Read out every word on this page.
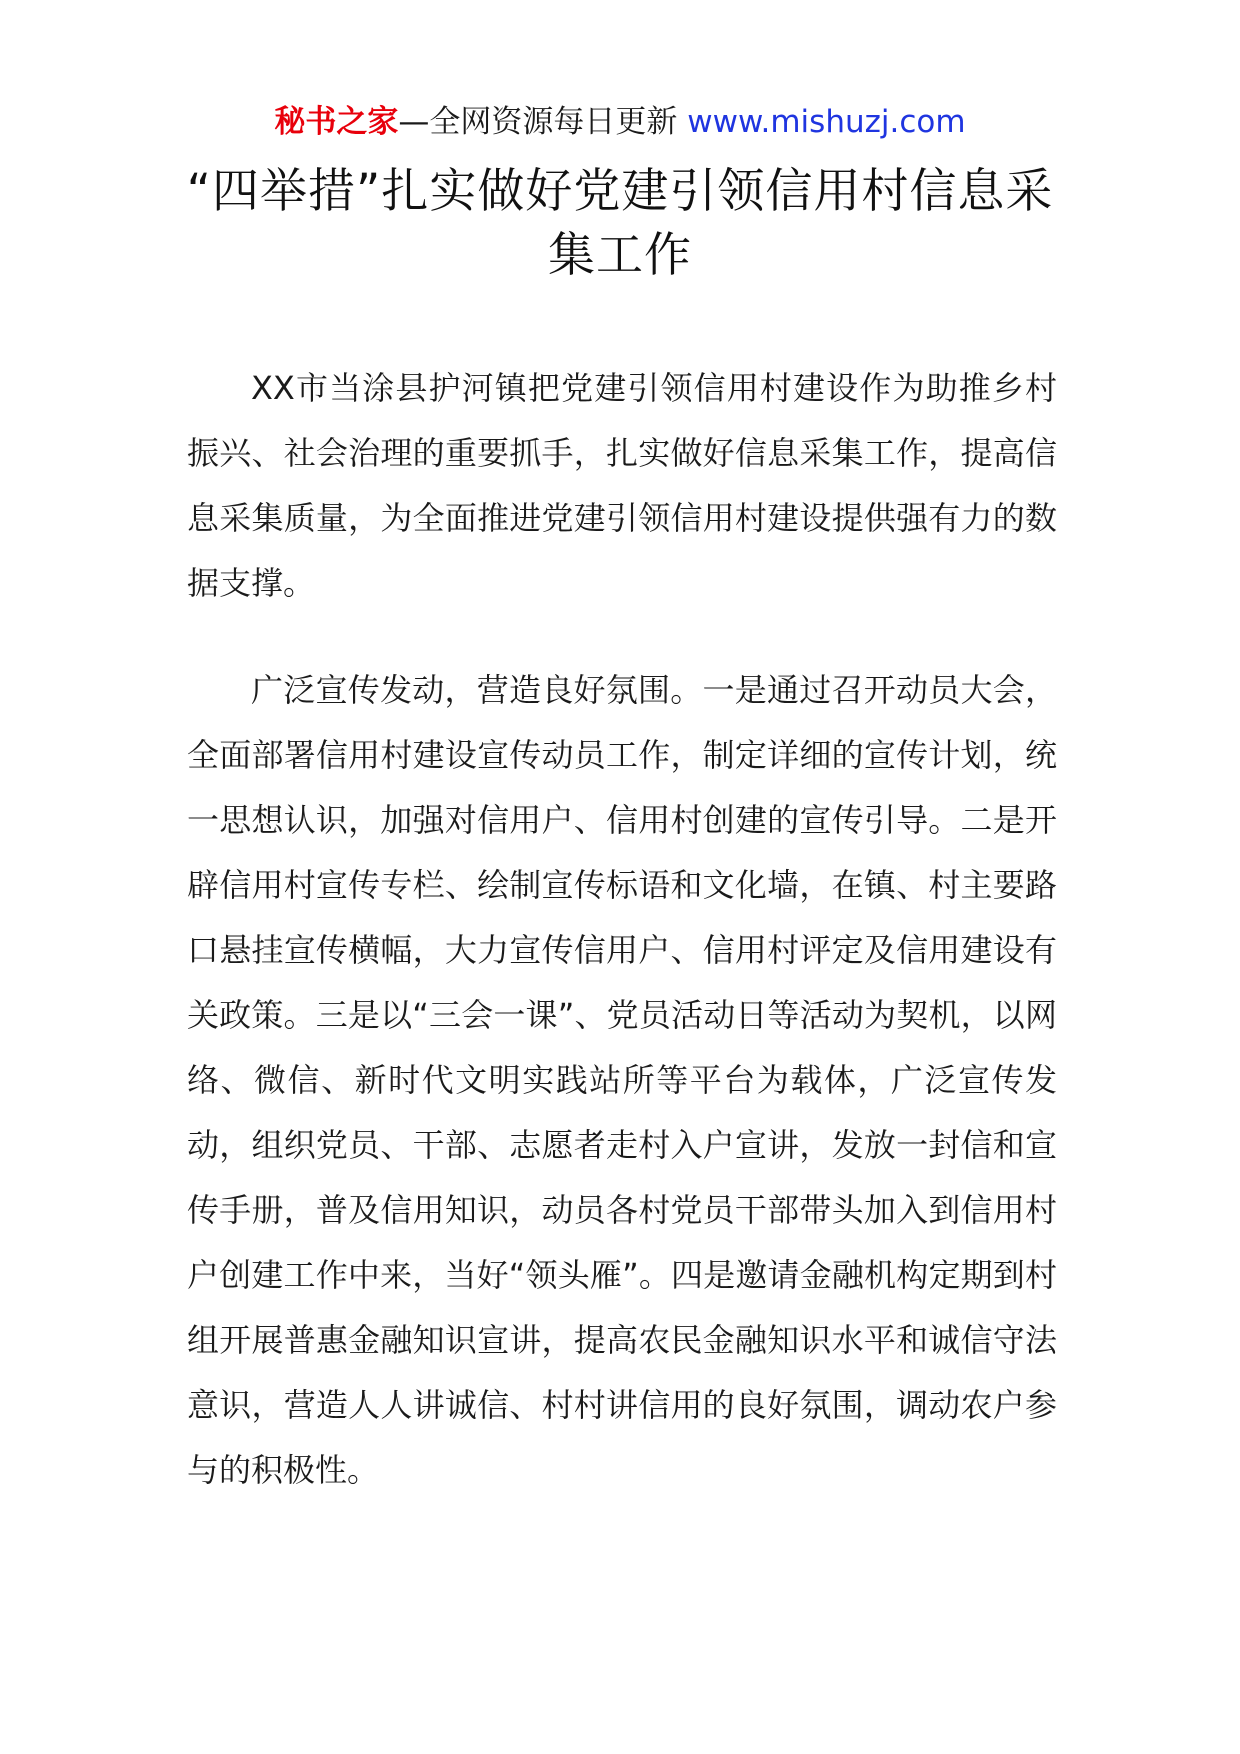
秘书之家—全网资源每日更新 www.mishuzj.com
“四举措”扎实做好党建引领信用村信息采集工作

XX市当涂县护河镇把党建引领信用村建设作为助推乡村振兴、社会治理的重要抓手，扎实做好信息采集工作，提高信息采集质量，为全面推进党建引领信用村建设提供强有力的数据支撑。

广泛宣传发动，营造良好氛围。一是通过召开动员大会，全面部署信用村建设宣传动员工作，制定详细的宣传计划，统一思想认识，加强对信用户、信用村创建的宣传引导。二是开辟信用村宣传专栏、绘制宣传标语和文化墙，在镇、村主要路口悬挂宣传横幅，大力宣传信用户、信用村评定及信用建设有关政策。三是以“三会一课”、党员活动日等活动为契机，以网络、微信、新时代文明实践站所等平台为载体，广泛宣传发动，组织党员、干部、志愿者走村入户宣讲，发放一封信和宣传手册，普及信用知识，动员各村党员干部带头加入到信用村户创建工作中来，当好“领头雁”。四是邀请金融机构定期到村组开展普惠金融知识宣讲，提高农民金融知识水平和诚信守法意识，营造人人讲诚信、村村讲信用的良好氛围，调动农户参与的积极性。
